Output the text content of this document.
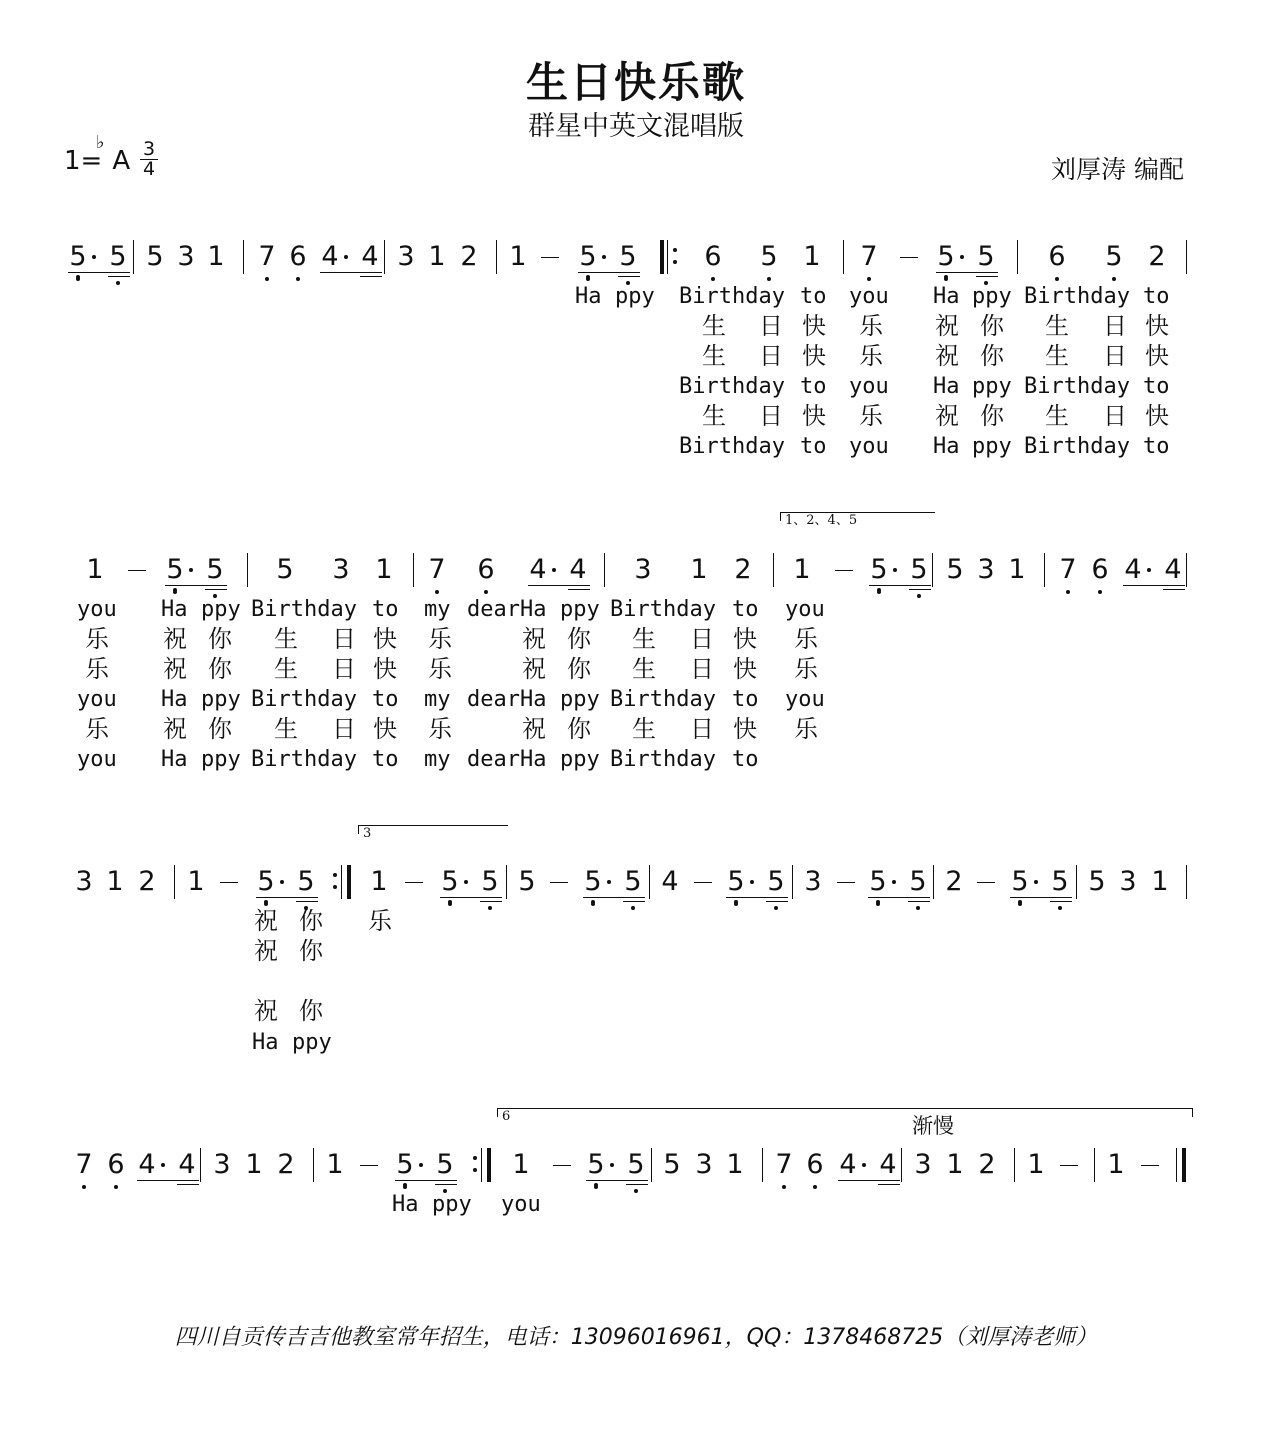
生日快乐歌
群星中英文混唱版
1=
♭
A 3
4	刘厚涛 编配
5 5 5 3 1 7 6 4 4 3 1 2 1 5 5	6 5 1 7 5 5 6 5 2
1 5 5 5 3 1 7 6 4 4 3 1 2 1 5 5 5 3 1 7 6 4 4
3 1 2 1 5 5 1 5 5 5 5 5 4 5 5 3 5 5 2 5 5 5 3 1
7 6 4 4 3 1 2 1 5 5 1 5 5 5 3 1 7 6 4 4 3 1 2 1 1
1、2、4、5
3
6	渐慢
Ha ppy Birthday to you Ha ppy Birthday to
生 日 快 乐 祝 你 生 日 快
生 日 快 乐 祝 你 生 日 快
Birthday to you Ha ppy Birthday to
生 日 快 乐 祝 你 生 日 快
Birthday to you Ha ppy Birthday to
you Ha ppy Birthday to my dear Ha ppy Birthday to you
乐 祝 你 生 日 快 乐	祝 你 生 日 快 乐
乐 祝 你 生 日 快 乐	祝 你 生 日 快 乐
you Ha ppy Birthday to my dear Ha ppy Birthday to you
乐 祝 你 生 日 快 乐	祝 你 生 日 快 乐
you Ha ppy Birthday to my dear Ha ppy Birthday to
祝 你 乐
祝 你
祝 你
Ha ppy
Ha ppy you
四川自贡传吉吉他教室常年招生，电话：13096016961，QQ：1378468725（刘厚涛老师）
